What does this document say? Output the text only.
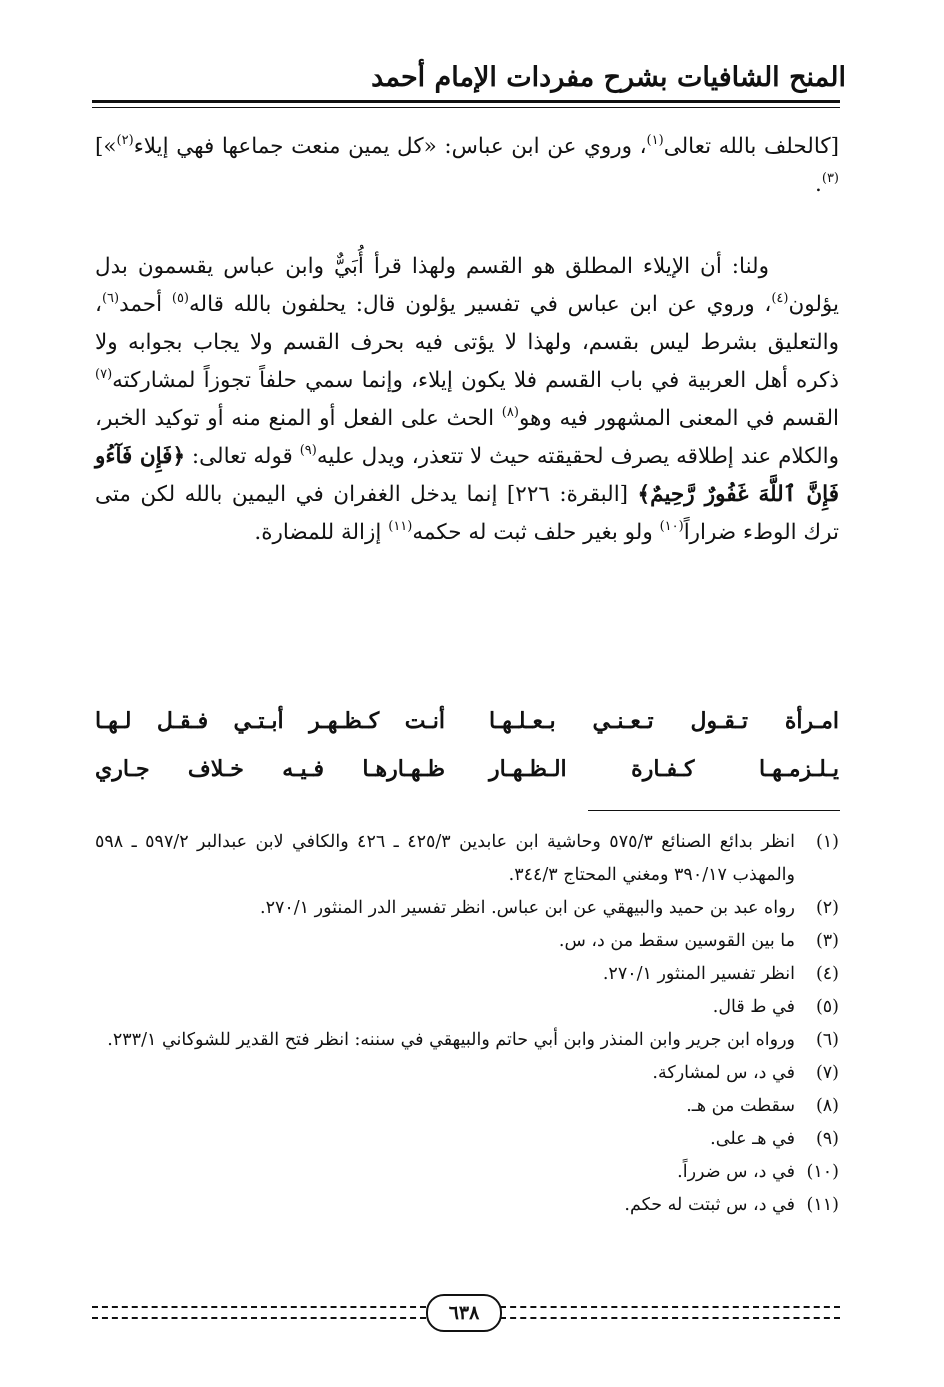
المنح الشافيات بشرح مفردات الإمام أحمد
[كالحلف بالله تعالى$^{(١)}$، وروي عن ابن عباس: «كل يمين منعت جماعها فهي إيلاء$^{(٢)}$»]$^{(٣)}$.
ولنا: أن الإيلاء المطلق هو القسم ولهذا قرأ أُبَيٌّ وابن عباس يقسمون بدل يؤلون$^{(٤)}$، وروي عن ابن عباس في تفسير يؤلون قال: يحلفون بالله قاله$^{(٥)}$ أحمد$^{(٦)}$، والتعليق بشرط ليس بقسم، ولهذا لا يؤتى فيه بحرف القسم ولا يجاب بجوابه ولا ذكره أهل العربية في باب القسم فلا يكون إيلاء، وإنما سمي حلفاً تجوزاً لمشاركته$^{(٧)}$ القسم في المعنى المشهور فيه وهو$^{(٨)}$ الحث على الفعل أو المنع منه أو توكيد الخبر، والكلام عند إطلاقه يصرف لحقيقته حيث لا تتعذر، ويدل عليه$^{(٩)}$ قوله تعالى: ﴿فَإِن فَآءُو فَإِنَّ ٱللَّهَ غَفُورٌ رَّحِيمٌ﴾ [البقرة: ٢٢٦] إنما يدخل الغفران في اليمين بالله لكن متى ترك الوطء ضراراً$^{(١٠)}$ ولو بغير حلف ثبت له حكمه$^{(١١)}$ إزالة للمضارة.
امـرأة تـقـول تـعـنـي بـعـلـهـا
أنـت كـظـهـر أبـتـي فـقـل لـهـا
يـلـزمـهـا كـفـارة الـظـهـار
ظـهـارهـا فـيـه خـلاف جـاري
(١)
انظر بدائع الصنائع ٥٧٥/٣ وحاشية ابن عابدين ٤٢٥/٣ ـ ٤٢٦ والكافي لابن عبدالبر ٥٩٧/٢ ـ ٥٩٨ والمهذب ٣٩٠/١٧ ومغني المحتاج ٣٤٤/٣.
(٢)
رواه عبد بن حميد والبيهقي عن ابن عباس. انظر تفسير الدر المنثور ٢٧٠/١.
(٣)
ما بين القوسين سقط من د، س.
(٤)
انظر تفسير المنثور ٢٧٠/١.
(٥)
في ط قال.
(٦)
ورواه ابن جرير وابن المنذر وابن أبي حاتم والبيهقي في سننه: انظر فتح القدير للشوكاني ٢٣٣/١.
(٧)
في د، س لمشاركة.
(٨)
سقطت من هـ.
(٩)
في هـ على.
(١٠)
في د، س ضرراً.
(١١)
في د، س ثبتت له حكم.
٦٣٨
